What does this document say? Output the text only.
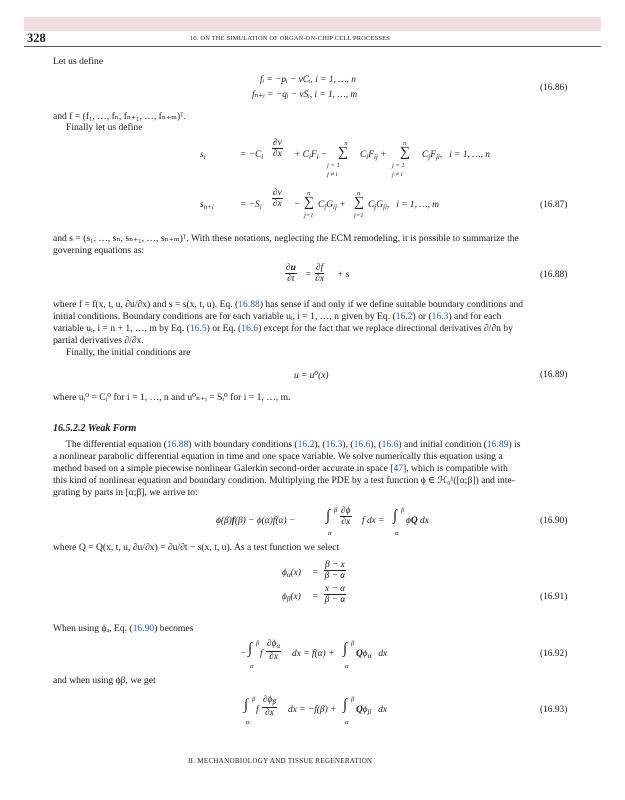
328	16. ON THE SIMULATION OF ORGAN-ON-CHIP CELL PROCESSES
Let us define
fᵢ = −pᵢ − vCᵢ, i = 1, …, n
fₙ₊ᵢ = −qᵢ − vSᵢ, i = 1, …, m
(16.86)
and f = (f₁, …, fₙ, fₙ₊₁, …, fₙ₊ₘ)ᵀ.
Finally let us define
$s_i$	= $-C_i \frac{\partial v}{\partial x} + C_iF_i$ −
n
∑
j = 1
j ≠ i
$C_iF_{ij}$ +
n
∑
j = 1
j ≠ i
$C_jF_{ji}$,   i = 1, …, n
$s_{n+i}$	= $-S_i \frac{\partial v}{\partial x}$ −
n
∑
j=1
$C_jG_{ij}$ +
n
∑
j=1
$C_jG_{ji}$,   i = 1, …, m	(16.87)
and s = (s₁, …, sₙ, sₙ₊₁, …, sₙ₊ₘ)ᵀ. With these notations, neglecting the ECM remodeling, it is possible to summarize the
governing equations as:
$\frac{\partial u}{\partial t} = \frac{\partial f}{\partial x} + s$	(16.88)
where f = f(x, t, u, ∂u/∂x) and s = s(x, t, u). Eq. (16.88) has sense if and only if we define suitable boundary conditions and
initial conditions. Boundary conditions are for each variable uᵢ, i = 1, …, n given by Eq. (16.2) or (16.3) and for each
variable uᵢ, i = n + 1, …, m by Eq. (16.5) or Eq. (16.6) except for the fact that we replace directional derivatives ∂/∂n by
partial derivatives ∂/∂x.
Finally, the initial conditions are
u = u⁰(x)	(16.89)
where uᵢ⁰ = Cᵢ⁰ for i = 1, …, n and u⁰ₙ₊ᵢ = Sᵢ⁰ for i = 1, …, m.
16.5.2.2 Weak Form
The differential equation (16.88) with boundary conditions (16.2), (16.3), (16.6), (16.6) and initial condition (16.89) is
a nonlinear parabolic differential equation in time and one space variable. We solve numerically this equation using a
method based on a simple piecewise nonlinear Galerkin second-order accurate in space [47], which is compatible with
this kind of nonlinear equation and boundary condition. Multiplying the PDE by a test function ϕ ∈ ℋ₀¹([α;β]) and inte-
grating by parts in [α;β], we arrive to:
ϕ(β)f(β) − ϕ(α)f(α) −
β
∫
α
$\frac{\partial\phi}{\partial x}$ f dx =
β
∫
α
ϕQ dx	(16.90)
where Q = Q(x, t, u, ∂u/∂x) = ∂u/∂t − s(x, t, u). As a test function we select
$\phi_\alpha(x) = \frac{\beta - x}{\beta - \alpha}$
$\phi_\beta(x) = \frac{x - \alpha}{\beta - \alpha}$	(16.91)
When using ϕₐ, Eq. (16.90) becomes
−
β
∫
α
f $\frac{\partial\phi_\alpha}{\partial x}$ dx = f(α) +
β
∫
α
$Q\phi_\alpha$   dx	(16.92)
and when using ϕβ, we get
β
∫
α
f $\frac{\partial\phi_\beta}{\partial x}$ dx = −f(β) +
β
∫
α
$Q\phi_\beta$   dx	(16.93)
II. MECHANOBIOLOGY AND TISSUE REGENERATION
